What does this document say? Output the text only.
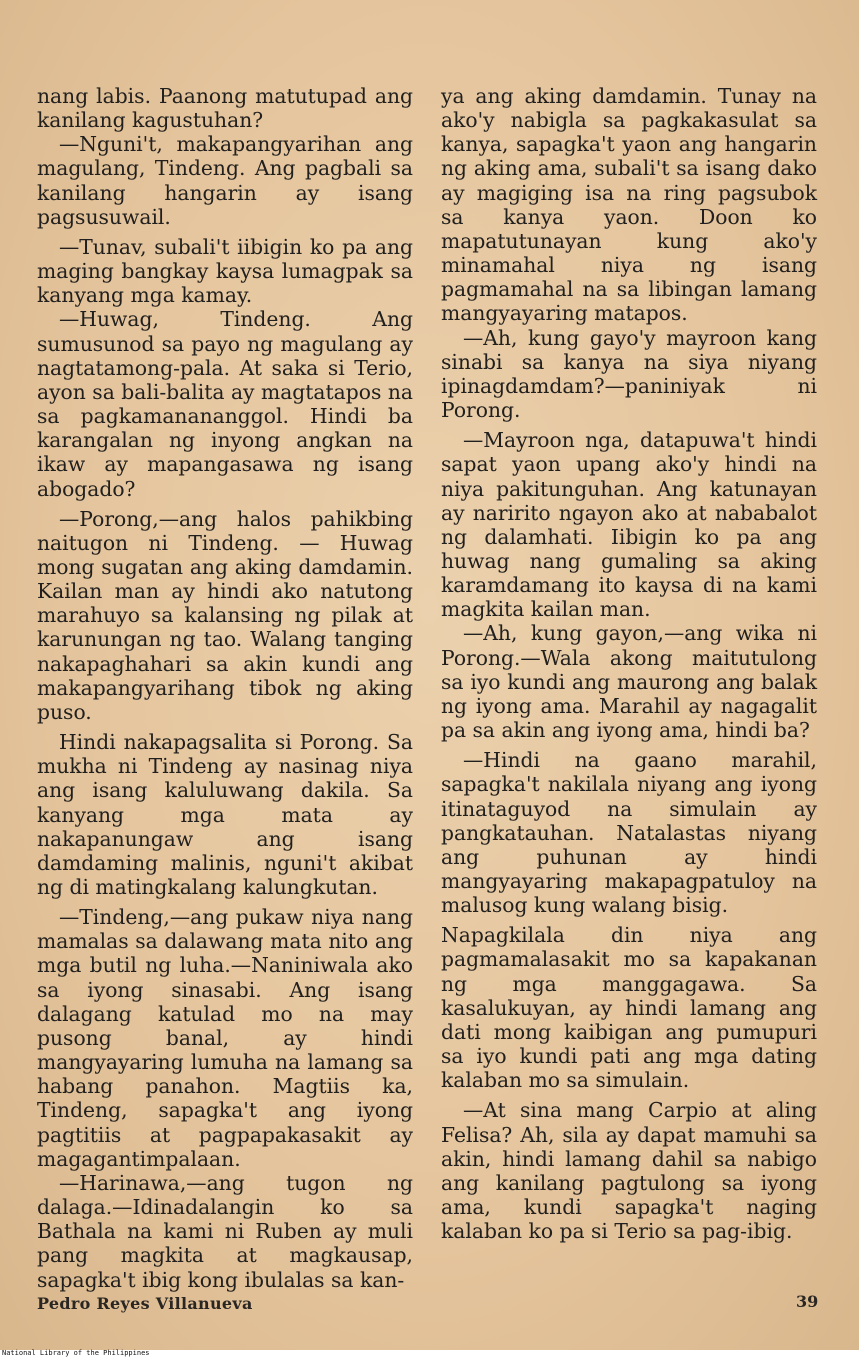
nang labis. Paanong matutupad ang kanilang kagustuhan?

—Nguni't, makapangyarihan ang magulang, Tindeng. Ang pagbali sa kanilang hangarin ay isang pagsusuwail.

—Tunav, subali't iibigin ko pa ang maging bangkay kaysa lumagpak sa kanyang mga kamay.

—Huwag, Tindeng. Ang sumusunod sa payo ng magulang ay nagtatamong-pala. At saka si Terio, ayon sa bali-balita ay magtatapos na sa pagkamanananggol. Hindi ba karangalan ng inyong angkan na ikaw ay mapangasawa ng isang abogado?

—Porong,—ang halos pahikbing naitugon ni Tindeng. — Huwag mong sugatan ang aking damdamin. Kailan man ay hindi ako natutong marahuyo sa kalansing ng pilak at karunungan ng tao. Walang tanging nakapaghahari sa akin kundi ang makapangyarihang tibok ng aking puso.

Hindi nakapagsalita si Porong. Sa mukha ni Tindeng ay nasinag niya ang isang kaluluwang dakila. Sa kanyang mga mata ay nakapanungaw ang isang damdaming malinis, nguni't akibat ng di matingkalang kalungkutan.

—Tindeng,—ang pukaw niya nang mamalas sa dalawang mata nito ang mga butil ng luha.—Naniniwala ako sa iyong sinasabi. Ang isang dalagang katulad mo na may pusong banal, ay hindi mangyayaring lumuha na lamang sa habang panahon. Magtiis ka, Tindeng, sapagka't ang iyong pagtitiis at pagpapakasakit ay magagantimpalaan.

—Harinawa,—ang tugon ng dalaga.—Idinadalangin ko sa Bathala na kami ni Ruben ay muli pang magkita at magkausap, sapagka't ibig kong ibulalas sa kan-

ya ang aking damdamin. Tunay na ako'y nabigla sa pagkakasulat sa kanya, sapagka't yaon ang hangarin ng aking ama, subali't sa isang dako ay magiging isa na ring pagsubok sa kanya yaon. Doon ko mapatutunayan kung ako'y minamahal niya ng isang pagmamahal na sa libingan lamang mangyayaring matapos.

—Ah, kung gayo'y mayroon kang sinabi sa kanya na siya niyang ipinagdamdam?—paniniyak ni Porong.

—Mayroon nga, datapuwa't hindi sapat yaon upang ako'y hindi na niya pakitunguhan. Ang katunayan ay naririto ngayon ako at nababalot ng dalamhati. Iibigin ko pa ang huwag nang gumaling sa aking karamdamang ito kaysa di na kami magkita kailan man.

—Ah, kung gayon,—ang wika ni Porong.—Wala akong maitutulong sa iyo kundi ang maurong ang balak ng iyong ama. Marahil ay nagagalit pa sa akin ang iyong ama, hindi ba?

—Hindi na gaano marahil, sapagka't nakilala niyang ang iyong itinataguyod na simulain ay pangkatauhan. Natalastas niyang ang puhunan ay hindi mangyayaring makapagpatuloy na malusog kung walang bisig.

Napagkilala din niya ang pagmamalasakit mo sa kapakanan ng mga manggagawa. Sa kasalukuyan, ay hindi lamang ang dati mong kaibigan ang pumupuri sa iyo kundi pati ang mga dating kalaban mo sa simulain.

—At sina mang Carpio at aling Felisa? Ah, sila ay dapat mamuhi sa akin, hindi lamang dahil sa nabigo ang kanilang pagtulong sa iyong ama, kundi sapagka't naging kalaban ko pa si Terio sa pag-ibig.

Pedro Reyes Villanueva	39
National Library of the Philippines
